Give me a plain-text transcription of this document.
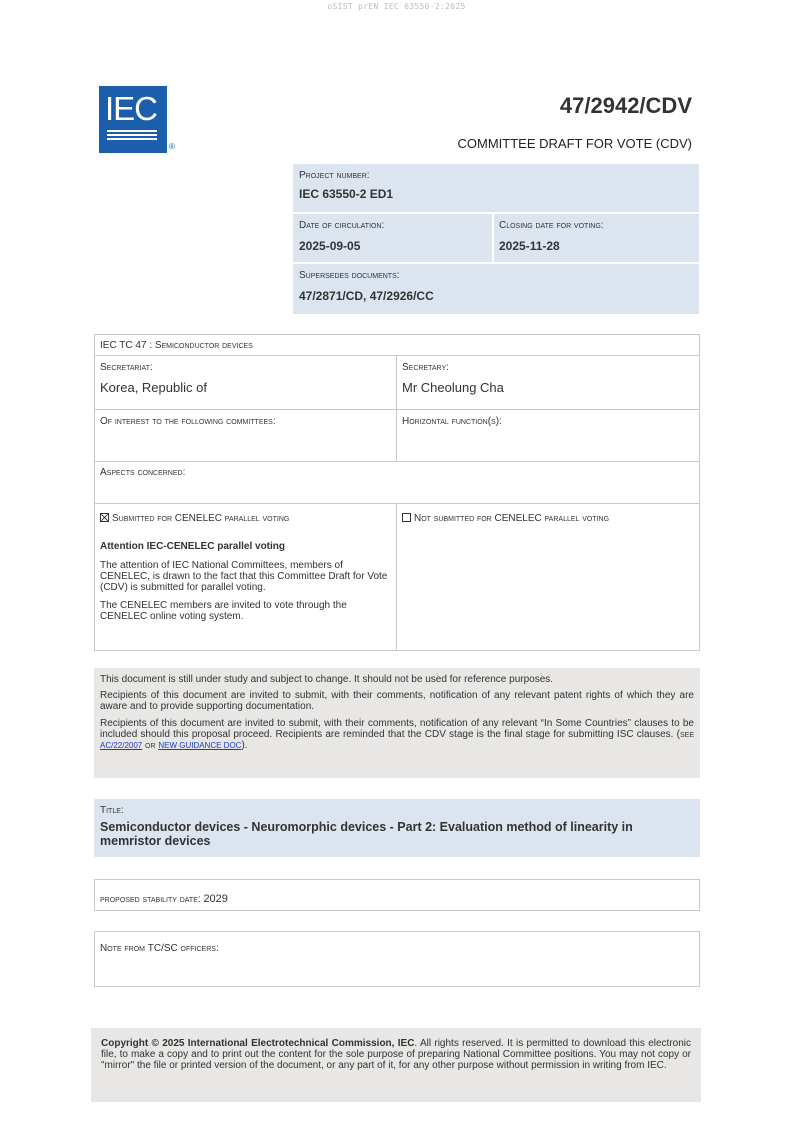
oSIST prEN IEC 63550-2:2025
IEC
®
47/2942/CDV
COMMITTEE DRAFT FOR VOTE (CDV)
Project number:
IEC 63550-2 ED1
Date of circulation:
2025-09-05
Closing date for voting:
2025-11-28
Supersedes documents:
47/2871/CD, 47/2926/CC
IEC TC 47 : Semiconductor devices
Secretariat:
Korea, Republic of
Secretary:
Mr Cheolung Cha
Of interest to the following committees:	Horizontal function(s):
Aspects concerned:
Submitted for CENELEC parallel voting	Not submitted for CENELEC parallel voting

Attention IEC-CENELEC parallel voting

The attention of IEC National Committees, members of CENELEC, is drawn to the fact that this Committee Draft for Vote (CDV) is submitted for parallel voting.

The CENELEC members are invited to vote through the CENELEC online voting system.

This document is still under study and subject to change. It should not be used for reference purposes.

Recipients of this document are invited to submit, with their comments, notification of any relevant patent rights of which they are aware and to provide supporting documentation.

Recipients of this document are invited to submit, with their comments, notification of any relevant “In Some Countries” clauses to be included should this proposal proceed. Recipients are reminded that the CDV stage is the final stage for submitting ISC clauses. (see AC/22/2007 or NEW GUIDANCE DOC).

Title:
Semiconductor devices - Neuromorphic devices - Part 2: Evaluation method of linearity in memristor devices
proposed stability date: 2029
Note from TC/SC officers:

Copyright © 2025 International Electrotechnical Commission, IEC. All rights reserved. It is permitted to download this electronic file, to make a copy and to print out the content for the sole purpose of preparing National Committee positions. You may not copy or "mirror" the file or printed version of the document, or any part of it, for any other purpose without permission in writing from IEC.
